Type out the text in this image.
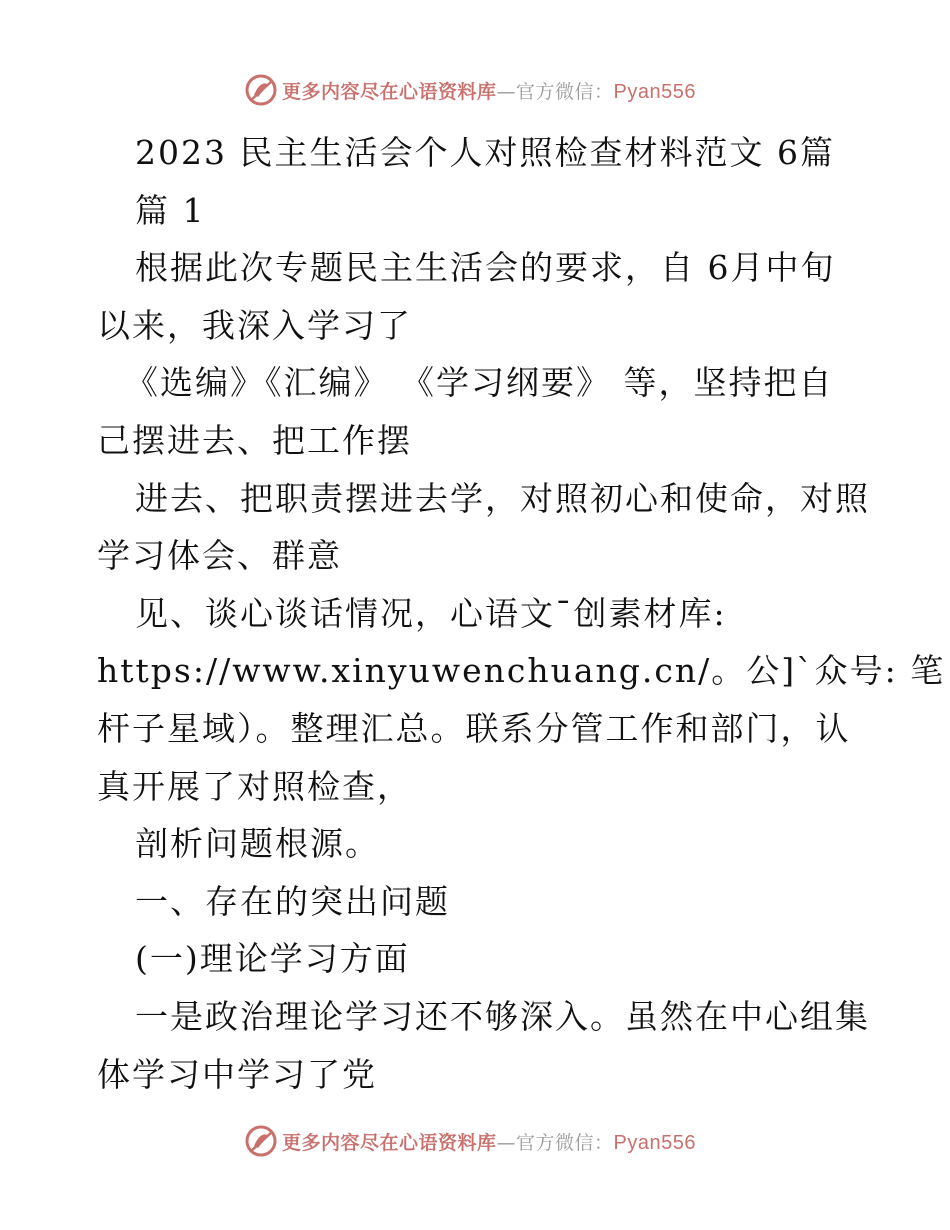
更多内容尽在心语资料库—官方微信：Pyan556
2023 民主生活会个人对照检查材料范文 6篇
篇 1
根据此次专题民主生活会的要求，自 6月中旬
以来，我深入学习了
《选编》《汇编》 《学习纲要》 等，坚持把自
己摆进去、把工作摆
进去、把职责摆进去学，对照初心和使命，对照
学习体会、群意
见、谈心谈话情况，心语文¯创素材库:
https://www.xinyuwenchuang.cn/。公]`众号: 笔
杆子星域）。整理汇总。联系分管工作和部门，认
真开展了对照检查，
剖析问题根源。
一、存在的突出问题
(一)理论学习方面
一是政治理论学习还不够深入。虽然在中心组集
体学习中学习了党
更多内容尽在心语资料库—官方微信：Pyan556
